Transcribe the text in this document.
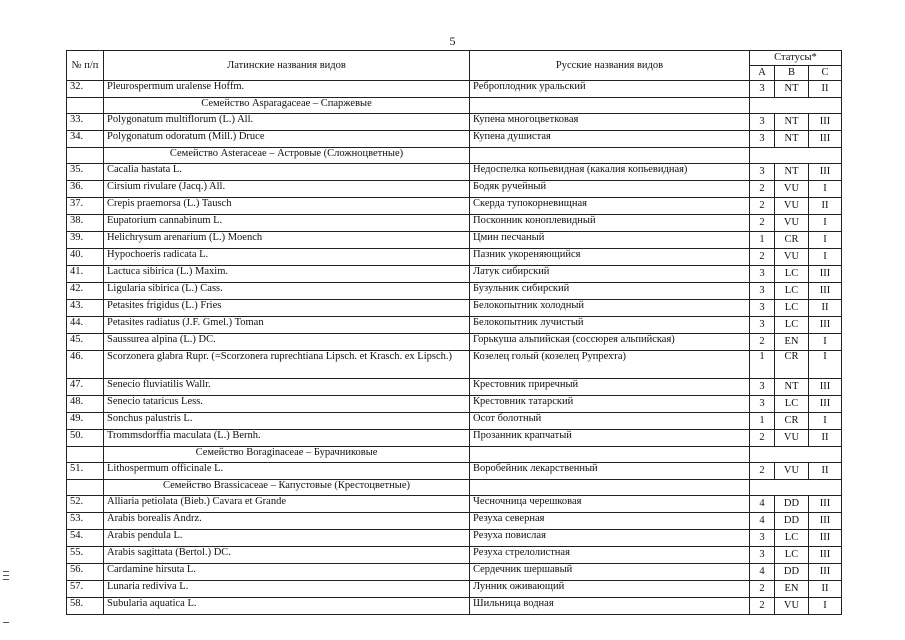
5
№ п/п	Латинские названия видов	Русские названия видов	Статусы*		
			А	В	С
32.	Pleurospermum uralense Hoffm.	Реброплодник уральский	3	NT	II
	Семейство Asparagaceae – Спаржевые				
33.	Polygonatum multiflorum (L.) All.	Купена многоцветковая	3	NT	III
34.	Polygonatum odoratum (Mill.) Druce	Купена душистая	3	NT	III
	Семейство Asteraceae – Астровые (Сложноцветные)				
35.	Cacalia hastata L.	Недоспелка копьевидная (какалия копьевидная)	3	NT	III
36.	Cirsium rivulare (Jacq.) All.	Бодяк ручейный	2	VU	I
37.	Crepis praemorsa (L.) Tausch	Скерда тупокорневищная	2	VU	II
38.	Eupatorium cannabinum L.	Посконник коноплевидный	2	VU	I
39.	Helichrysum arenarium (L.) Moench	Цмин песчаный	1	CR	I
40.	Hypochoeris radicata L.	Пазник укореняющийся	2	VU	I
41.	Lactuca sibirica (L.) Maxim.	Латук сибирский	3	LC	III
42.	Ligularia sibirica (L.) Cass.	Бузульник сибирский	3	LC	III
43.	Petasites frigidus (L.) Fries	Белокопытник холодный	3	LC	II
44.	Petasites radiatus (J.F. Gmel.) Toman	Белокопытник лучистый	3	LC	III
45.	Saussurea alpina (L.) DC.	Горькуша альпийская (соссюрея альпийская)	2	EN	I
46.	Scorzonera glabra Rupr. (=Scorzonera ruprechtiana Lipsch. et Krasch. ex Lipsch.)	Козелец голый (козелец Рупрехта)	1	CR	I
47.	Senecio fluviatilis Wallr.	Крестовник приречный	3	NT	III
48.	Senecio tataricus Less.	Крестовник татарский	3	LC	III
49.	Sonchus palustris L.	Осот болотный	1	CR	I
50.	Trommsdorffia maculata (L.) Bernh.	Прозанник крапчатый	2	VU	II
	Семейство Boraginaceae – Бурачниковые				
51.	Lithospermum officinale L.	Воробейник лекарственный	2	VU	II
	Семейство Brassicaceae – Капустовые (Крестоцветные)				
52.	Alliaria petiolata (Bieb.) Cavara et Grande	Чесночница черешковая	4	DD	III
53.	Arabis borealis Andrz.	Резуха северная	4	DD	III
54.	Arabis pendula L.	Резуха повислая	3	LC	III
55.	Arabis sagittata (Bertol.) DC.	Резуха стрелолистная	3	LC	III
56.	Cardamine hirsuta L.	Сердечник шершавый	4	DD	III
57.	Lunaria rediviva L.	Лунник оживающий	2	EN	II
58.	Subularia aquatica L.	Шильница водная	2	VU	I
